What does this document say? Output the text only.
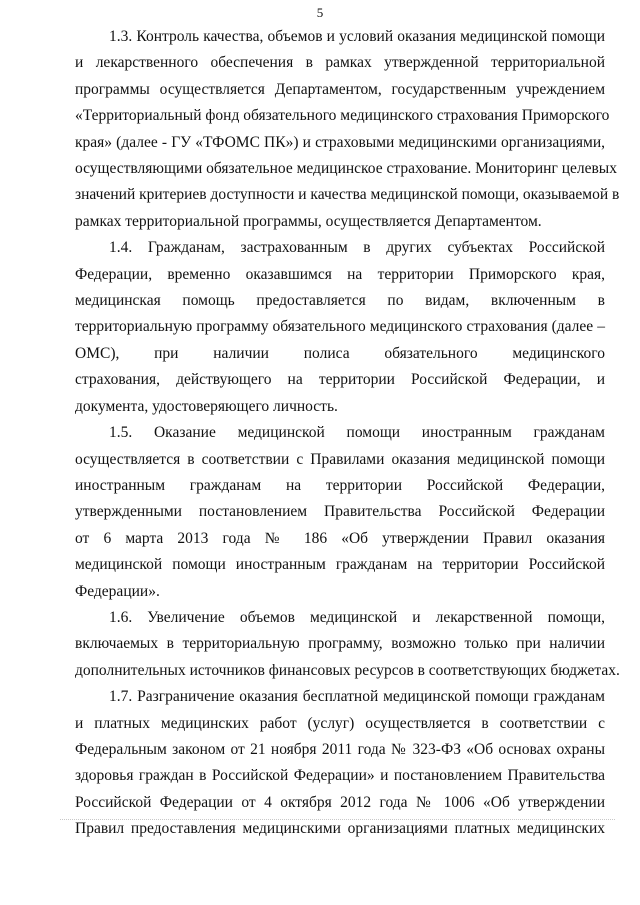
5
1.3. Контроль качества, объемов и условий оказания медицинской помощи
и лекарственного обеспечения в рамках утвержденной территориальной
программы осуществляется Департаментом, государственным учреждением
«Территориальный фонд обязательного медицинского страхования Приморского
края» (далее - ГУ «ТФОМС ПК») и страховыми медицинскими организациями,
осуществляющими обязательное медицинское страхование. Мониторинг целевых
значений критериев доступности и качества медицинской помощи, оказываемой в
рамках территориальной программы, осуществляется Департаментом.
1.4. Гражданам, застрахованным в других субъектах Российской
Федерации, временно оказавшимся на территории Приморского края,
медицинская помощь предоставляется по видам, включенным в
территориальную программу обязательного медицинского страхования (далее –
ОМС), при наличии полиса обязательного медицинского
страхования, действующего на территории Российской Федерации, и
документа, удостоверяющего личность.
1.5. Оказание медицинской помощи иностранным гражданам
осуществляется в соответствии с Правилами оказания медицинской помощи
иностранным гражданам на территории Российской Федерации,
утвержденными постановлением Правительства Российской Федерации
от 6 марта 2013 года № 186 «Об утверждении Правил оказания
медицинской помощи иностранным гражданам на территории Российской
Федерации».
1.6. Увеличение объемов медицинской и лекарственной помощи,
включаемых в территориальную программу, возможно только при наличии
дополнительных источников финансовых ресурсов в соответствующих бюджетах.
1.7. Разграничение оказания бесплатной медицинской помощи гражданам
и платных медицинских работ (услуг) осуществляется в соответствии с
Федеральным законом от 21 ноября 2011 года № 323-ФЗ «Об основах охраны
здоровья граждан в Российской Федерации» и постановлением Правительства
Российской Федерации от 4 октября 2012 года № 1006 «Об утверждении
Правил предоставления медицинскими организациями платных медицинских
